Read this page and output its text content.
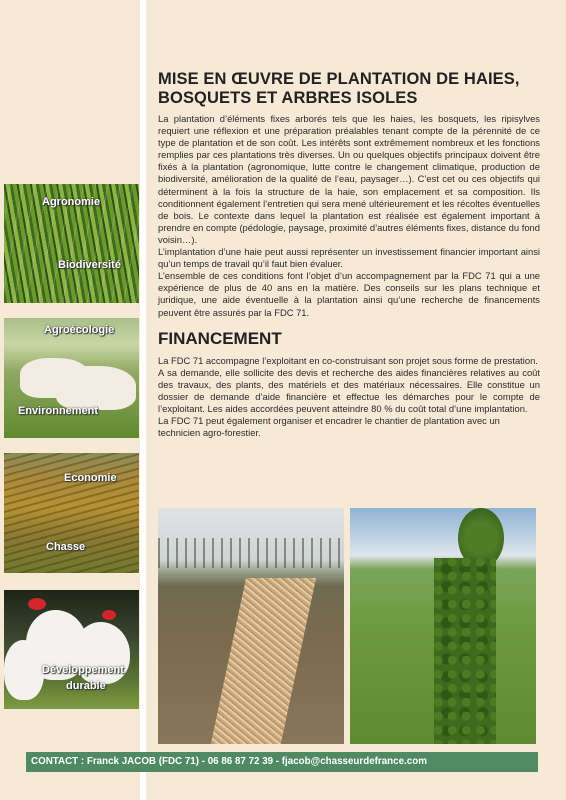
Agronomie
Biodiversité
Agroécologie
Environnement
Economie
Chasse
Développement
durable
MISE EN ŒUVRE DE PLANTATION DE HAIES,
BOSQUETS ET ARBRES ISOLES

La plantation d’éléments fixes arborés tels que les haies, les bosquets, les ripisylves requiert une réflexion et une préparation préalables tenant compte de la pérennité de ce type de plantation et de son coût. Les intérêts sont extrêmement nombreux et les fonctions remplies par ces plantations très diverses. Un ou quelques objectifs principaux doivent être fixés à la plantation (agronomique, lutte contre le changement climatique, production de biodiversité, amélioration de la qualité de l’eau, paysager…). C’est cet ou ces objectifs qui déterminent à la fois la structure de la haie, son emplacement et sa composition. Ils conditionnent également l’entretien qui sera mené ultérieurement et les récoltes éventuelles de bois. Le contexte dans lequel la plantation est réalisée est également important à prendre en compte (pédologie, paysage, proximité d’autres éléments fixes, distance du fond voisin…).

L’implantation d’une haie peut aussi représenter un investissement financier important ainsi qu’un temps de travail qu’il faut bien évaluer.

L’ensemble de ces conditions font l’objet d’un accompagnement par la FDC 71 qui a une expérience de plus de 40 ans en la matière. Des conseils sur les plans technique et juridique, une aide éventuelle à la plantation ainsi qu’une recherche de financements peuvent être assurés par la FDC 71.

FINANCEMENT

La FDC 71 accompagne l’exploitant en co-construisant son projet sous forme de prestation.

A sa demande, elle sollicite des devis et recherche des aides financières relatives au coût des travaux, des plants, des matériels et des matériaux nécessaires. Elle constitue un dossier de demande d’aide financière et effectue les démarches pour le compte de l’exploitant. Les aides accordées peuvent atteindre 80 % du coût total d’une implantation.

La FDC 71 peut également organiser et encadrer le chantier de plantation avec un technicien agro-forestier.

CONTACT : Franck JACOB (FDC 71) - 06 86 87 72 39 - fjacob@chasseurdefrance.com
